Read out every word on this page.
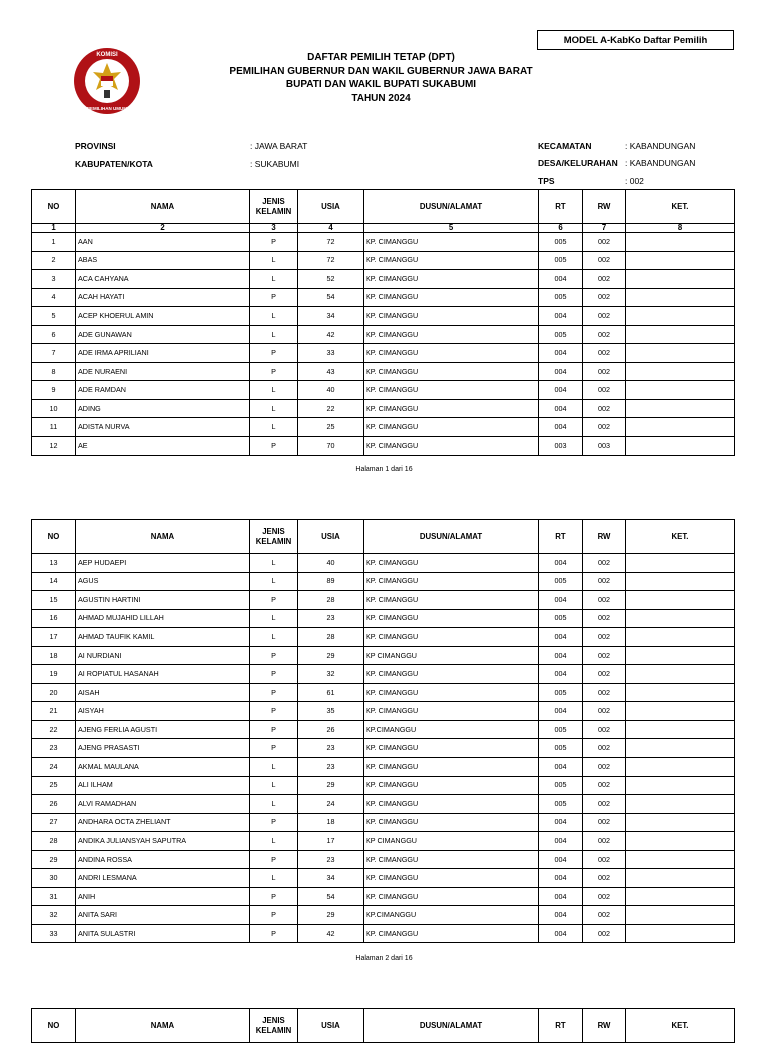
MODEL A-KabKo Daftar Pemilih
KOMISI
PEMILIHAN UMUM
DAFTAR PEMILIH TETAP (DPT)
PEMILIHAN GUBERNUR DAN WAKIL GUBERNUR JAWA BARAT
BUPATI DAN WAKIL BUPATI SUKABUMI
TAHUN 2024
PROVINSI	: JAWA BARAT
KABUPATEN/KOTA	: SUKABUMI
KECAMATAN	: KABANDUNGAN
DESA/KELURAHAN : KABANDUNGAN
TPS	: 002
NO	NAMA	JENIS KELAMIN	USIA	DUSUN/ALAMAT	RT	RW	KET.
1	2	3	4	5	6	7	8
1	AAN	P	72	KP. CIMANGGU	005	002	
2	ABAS	L	72	KP. CIMANGGU	005	002	
3	ACA CAHYANA	L	52	KP. CIMANGGU	004	002	
4	ACAH HAYATI	P	54	KP. CIMANGGU	005	002	
5	ACEP KHOERUL AMIN	L	34	KP. CIMANGGU	004	002	
6	ADE GUNAWAN	L	42	KP. CIMANGGU	005	002	
7	ADE IRMA APRILIANI	P	33	KP. CIMANGGU	004	002	
8	ADE NURAENI	P	43	KP. CIMANGGU	004	002	
9	ADE RAMDAN	L	40	KP. CIMANGGU	004	002	
10	ADING	L	22	KP. CIMANGGU	004	002	
11	ADISTA NURVA	L	25	KP. CIMANGGU	004	002	
12	AE	P	70	KP. CIMANGGU	003	003	
Halaman 1 dari 16
NO	NAMA	JENIS KELAMIN	USIA	DUSUN/ALAMAT	RT	RW	KET.
13	AEP HUDAEPI	L	40	KP. CIMANGGU	004	002	
14	AGUS	L	89	KP. CIMANGGU	005	002	
15	AGUSTIN HARTINI	P	28	KP. CIMANGGU	004	002	
16	AHMAD MUJAHID LILLAH	L	23	KP. CIMANGGU	005	002	
17	AHMAD TAUFIK KAMIL	L	28	KP. CIMANGGU	004	002	
18	AI NURDIANI	P	29	KP CIMANGGU	004	002	
19	AI ROPIATUL HASANAH	P	32	KP. CIMANGGU	004	002	
20	AISAH	P	61	KP. CIMANGGU	005	002	
21	AISYAH	P	35	KP. CIMANGGU	004	002	
22	AJENG FERLIA AGUSTI	P	26	KP.CIMANGGU	005	002	
23	AJENG PRASASTI	P	23	KP. CIMANGGU	005	002	
24	AKMAL MAULANA	L	23	KP. CIMANGGU	004	002	
25	ALI ILHAM	L	29	KP. CIMANGGU	005	002	
26	ALVI RAMADHAN	L	24	KP. CIMANGGU	005	002	
27	ANDHARA OCTA ZHELIANT	P	18	KP. CIMANGGU	004	002	
28	ANDIKA JULIANSYAH SAPUTRA	L	17	KP CIMANGGU	004	002	
29	ANDINA ROSSA	P	23	KP. CIMANGGU	004	002	
30	ANDRI LESMANA	L	34	KP. CIMANGGU	004	002	
31	ANIH	P	54	KP. CIMANGGU	004	002	
32	ANITA SARI	P	29	KP.CIMANGGU	004	002	
33	ANITA SULASTRI	P	42	KP. CIMANGGU	004	002	
Halaman 2 dari 16
NO	NAMA	JENIS KELAMIN	USIA	DUSUN/ALAMAT	RT	RW	KET.
